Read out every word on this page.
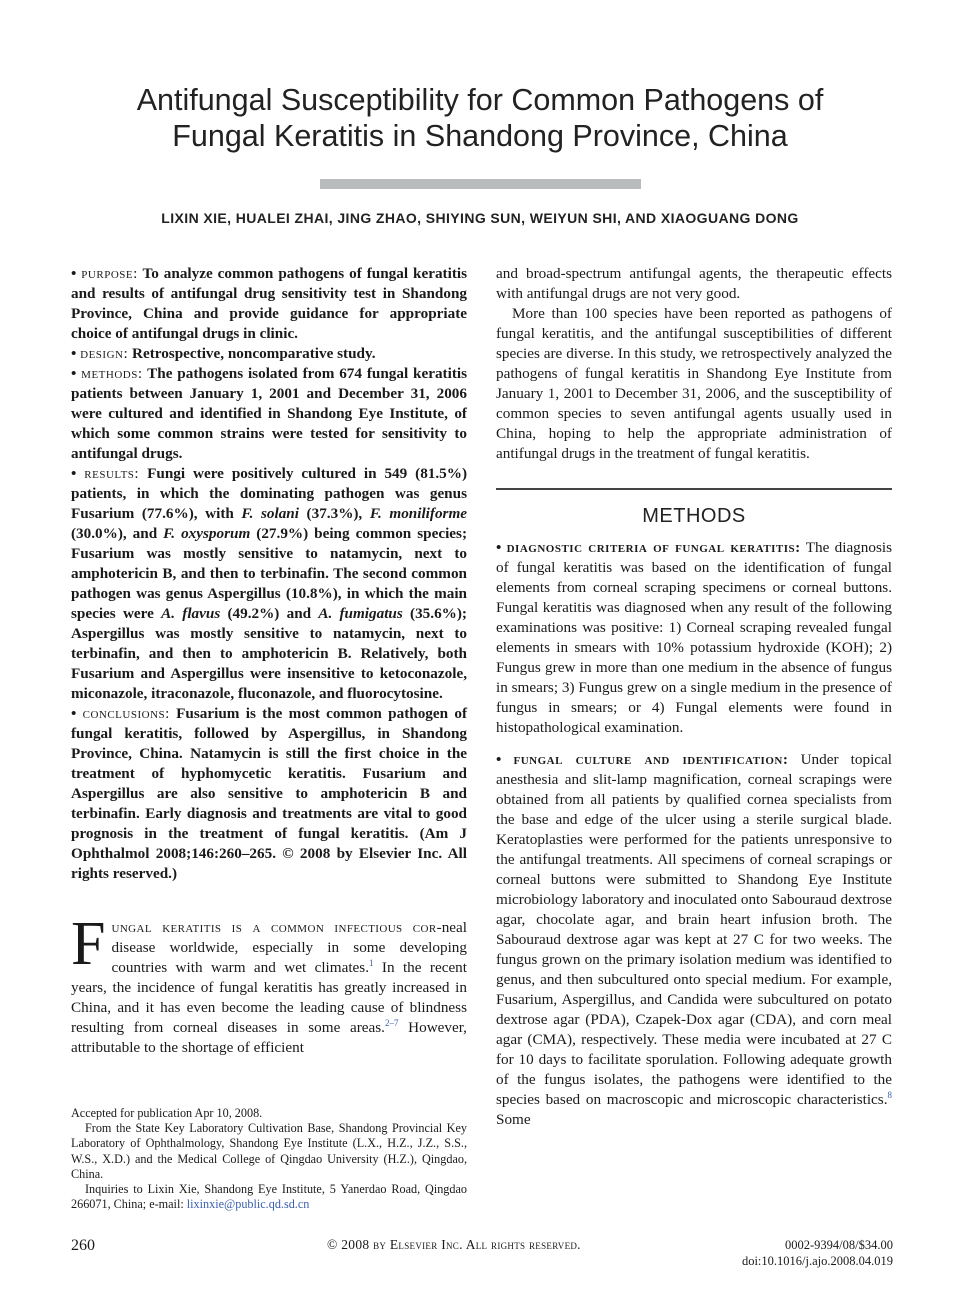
Antifungal Susceptibility for Common Pathogens of
Fungal Keratitis in Shandong Province, China
LIXIN XIE, HUALEI ZHAI, JING ZHAO, SHIYING SUN, WEIYUN SHI, AND XIAOGUANG DONG

• purpose: To analyze common pathogens of fungal keratitis and results of antifungal drug sensitivity test in Shandong Province, China and provide guidance for appropriate choice of antifungal drugs in clinic.

• design: Retrospective, noncomparative study.

• methods: The pathogens isolated from 674 fungal keratitis patients between January 1, 2001 and December 31, 2006 were cultured and identified in Shandong Eye Institute, of which some common strains were tested for sensitivity to antifungal drugs.

• results: Fungi were positively cultured in 549 (81.5%) patients, in which the dominating pathogen was genus Fusarium (77.6%), with F. solani (37.3%), F. moniliforme (30.0%), and F. oxysporum (27.9%) being common species; Fusarium was mostly sensitive to natamycin, next to amphotericin B, and then to terbinafin. The second common pathogen was genus Aspergillus (10.8%), in which the main species were A. flavus (49.2%) and A. fumigatus (35.6%); Aspergillus was mostly sensitive to natamycin, next to terbinafin, and then to amphotericin B. Relatively, both Fusarium and Aspergillus were insensitive to ketoconazole, miconazole, itraconazole, fluconazole, and fluorocytosine.

• conclusions: Fusarium is the most common pathogen of fungal keratitis, followed by Aspergillus, in Shandong Province, China. Natamycin is still the first choice in the treatment of hyphomycetic keratitis. Fusarium and Aspergillus are also sensitive to amphotericin B and terbinafin. Early diagnosis and treatments are vital to good prognosis in the treatment of fungal keratitis. (Am J Ophthalmol 2008;146:260–265. © 2008 by Elsevier Inc. All rights reserved.)

Fungal keratitis is a common infectious cor-neal disease worldwide, especially in some developing countries with warm and wet climates.$^1$ In the recent years, the incidence of fungal keratitis has greatly increased in China, and it has even become the leading cause of blindness resulting from corneal diseases in some areas.$^{2-7}$ However, attributable to the shortage of efficient

Accepted for publication Apr 10, 2008.

From the State Key Laboratory Cultivation Base, Shandong Provincial Key Laboratory of Ophthalmology, Shandong Eye Institute (L.X., H.Z., J.Z., S.S., W.S., X.D.) and the Medical College of Qingdao University (H.Z.), Qingdao, China.

Inquiries to Lixin Xie, Shandong Eye Institute, 5 Yanerdao Road, Qingdao 266071, China; e-mail: lixinxie@public.qd.sd.cn

and broad-spectrum antifungal agents, the therapeutic effects with antifungal drugs are not very good.

More than 100 species have been reported as pathogens of fungal keratitis, and the antifungal susceptibilities of different species are diverse. In this study, we retrospectively analyzed the pathogens of fungal keratitis in Shandong Eye Institute from January 1, 2001 to December 31, 2006, and the susceptibility of common species to seven antifungal agents usually used in China, hoping to help the appropriate administration of antifungal drugs in the treatment of fungal keratitis.

METHODS

• diagnostic criteria of fungal keratitis: The diagnosis of fungal keratitis was based on the identification of fungal elements from corneal scraping specimens or corneal buttons. Fungal keratitis was diagnosed when any result of the following examinations was positive: 1) Corneal scraping revealed fungal elements in smears with 10% potassium hydroxide (KOH); 2) Fungus grew in more than one medium in the absence of fungus in smears; 3) Fungus grew on a single medium in the presence of fungus in smears; or 4) Fungal elements were found in histopathological examination.

• fungal culture and identification: Under topical anesthesia and slit-lamp magnification, corneal scrapings were obtained from all patients by qualified cornea specialists from the base and edge of the ulcer using a sterile surgical blade. Keratoplasties were performed for the patients unresponsive to the antifungal treatments. All specimens of corneal scrapings or corneal buttons were submitted to Shandong Eye Institute microbiology laboratory and inoculated onto Sabouraud dextrose agar, chocolate agar, and brain heart infusion broth. The Sabouraud dextrose agar was kept at 27 C for two weeks. The fungus grown on the primary isolation medium was identified to genus, and then subcultured onto special medium. For example, Fusarium, Aspergillus, and Candida were subcultured on potato dextrose agar (PDA), Czapek-Dox agar (CDA), and corn meal agar (CMA), respectively. These media were incubated at 27 C for 10 days to facilitate sporulation. Following adequate growth of the fungus isolates, the pathogens were identified to the species based on macroscopic and microscopic characteristics.$^8$ Some

260	© 2008 by Elsevier Inc. All rights reserved.	0002-9394/08/$34.00
doi:10.1016/j.ajo.2008.04.019
